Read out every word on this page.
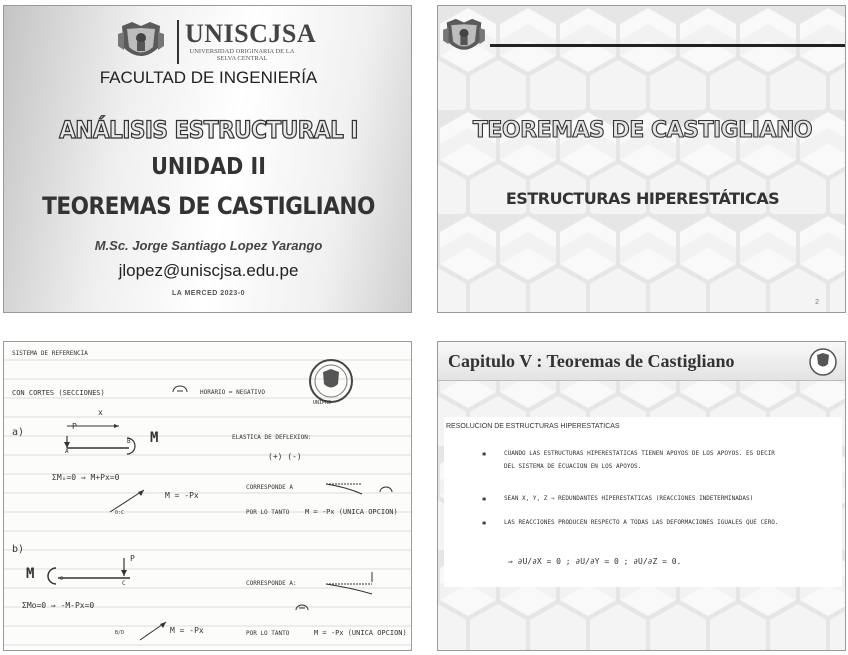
UNISCJSA
UNIVERSIDAD ORIGINARIA DE LA SELVA CENTRAL
FACULTAD DE INGENIERÍA
ANÁLISIS ESTRUCTURAL I
UNIDAD II
TEOREMAS DE CASTIGLIANO
M.Sc. Jorge Santiago Lopez Yarango
jlopez@uniscjsa.edu.pe
LA MERCED 2023-0
TEOREMAS DE CASTIGLIANO
ESTRUCTURAS HIPERESTÁTICAS
2
SISTEMA DE REFERENCIA
UNIPRO
CON CORTES (SECCIONES)	HORARIO = NEGATIVO
a)
x
P
A
B M	ELASTICA DE DEFLEXION:
(+) (-)
ΣMₒ=0 ⇒ M+Px=0
M = -Px
0:C
CORRESPONDE A
POR LO TANTO M = -Px (UNICA OPCION)
b)
M
P
C
0
CORRESPONDE A:
ΣMo=0 ⇒ -M-Px=0
B/D	M = -Px	POR LO TANTO	M = -Px (UNICA OPCION)
Capitulo V : Teoremas de Castigliano
RESOLUCION DE ESTRUCTURAS HIPERESTATICAS
✱	CUANDO LAS ESTRUCTURAS HIPERESTATICAS TIENEN APOYOS DE LOS APOYOS. ES DECIR
DEL SISTEMA DE ECUACION EN LOS APOYOS.
✱	SEAN X, Y, Z ⇒ REDUNDANTES HIPERESTATICAS (REACCIONES INDETERMINADAS)
✱	LAS REACCIONES PRODUCEN RESPECTO A TODAS LAS DEFORMACIONES IGUALES QUE CERO.
⇒ ∂U/∂X = 0 ; ∂U/∂Y = 0 ; ∂U/∂Z = 0.
